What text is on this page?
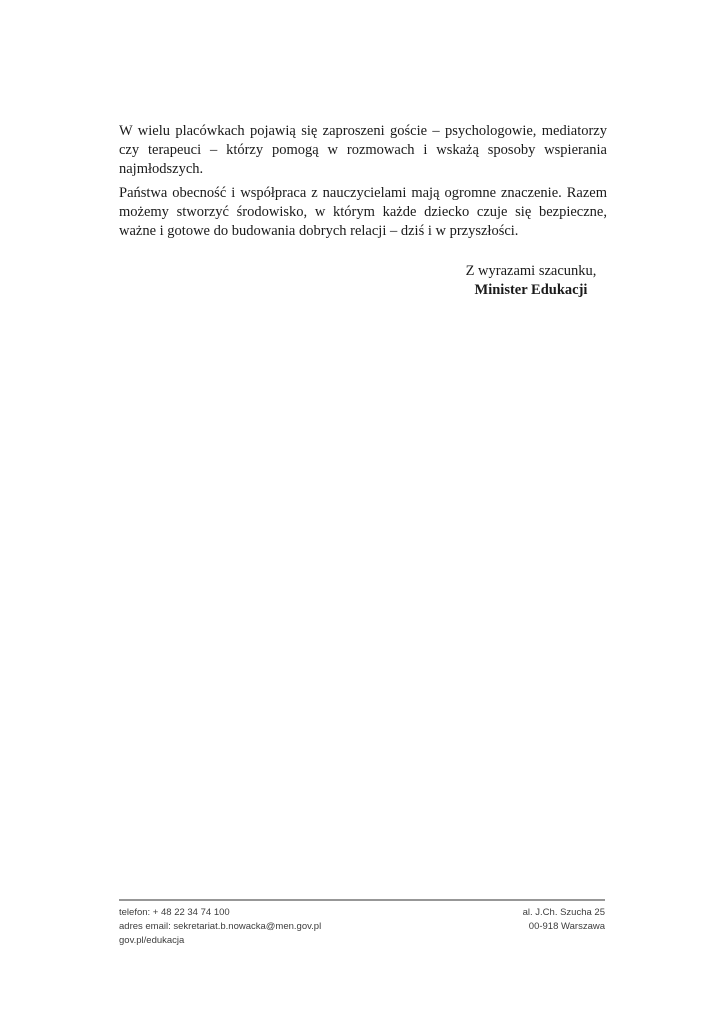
W wielu placówkach pojawią się zaproszeni goście – psychologowie, mediatorzy
czy terapeuci – którzy pomogą w rozmowach i wskażą sposoby wspierania
najmłodszych.

Państwa obecność i współpraca z nauczycielami mają ogromne znaczenie. Razem
możemy stworzyć środowisko, w którym każde dziecko czuje się bezpieczne,
ważne i gotowe do budowania dobrych relacji – dziś i w przyszłości.

Z wyrazami szacunku,
Minister Edukacji
telefon: + 48 22 34 74 100
adres email: sekretariat.b.nowacka@men.gov.pl
gov.pl/edukacja
al. J.Ch. Szucha 25
00-918 Warszawa
